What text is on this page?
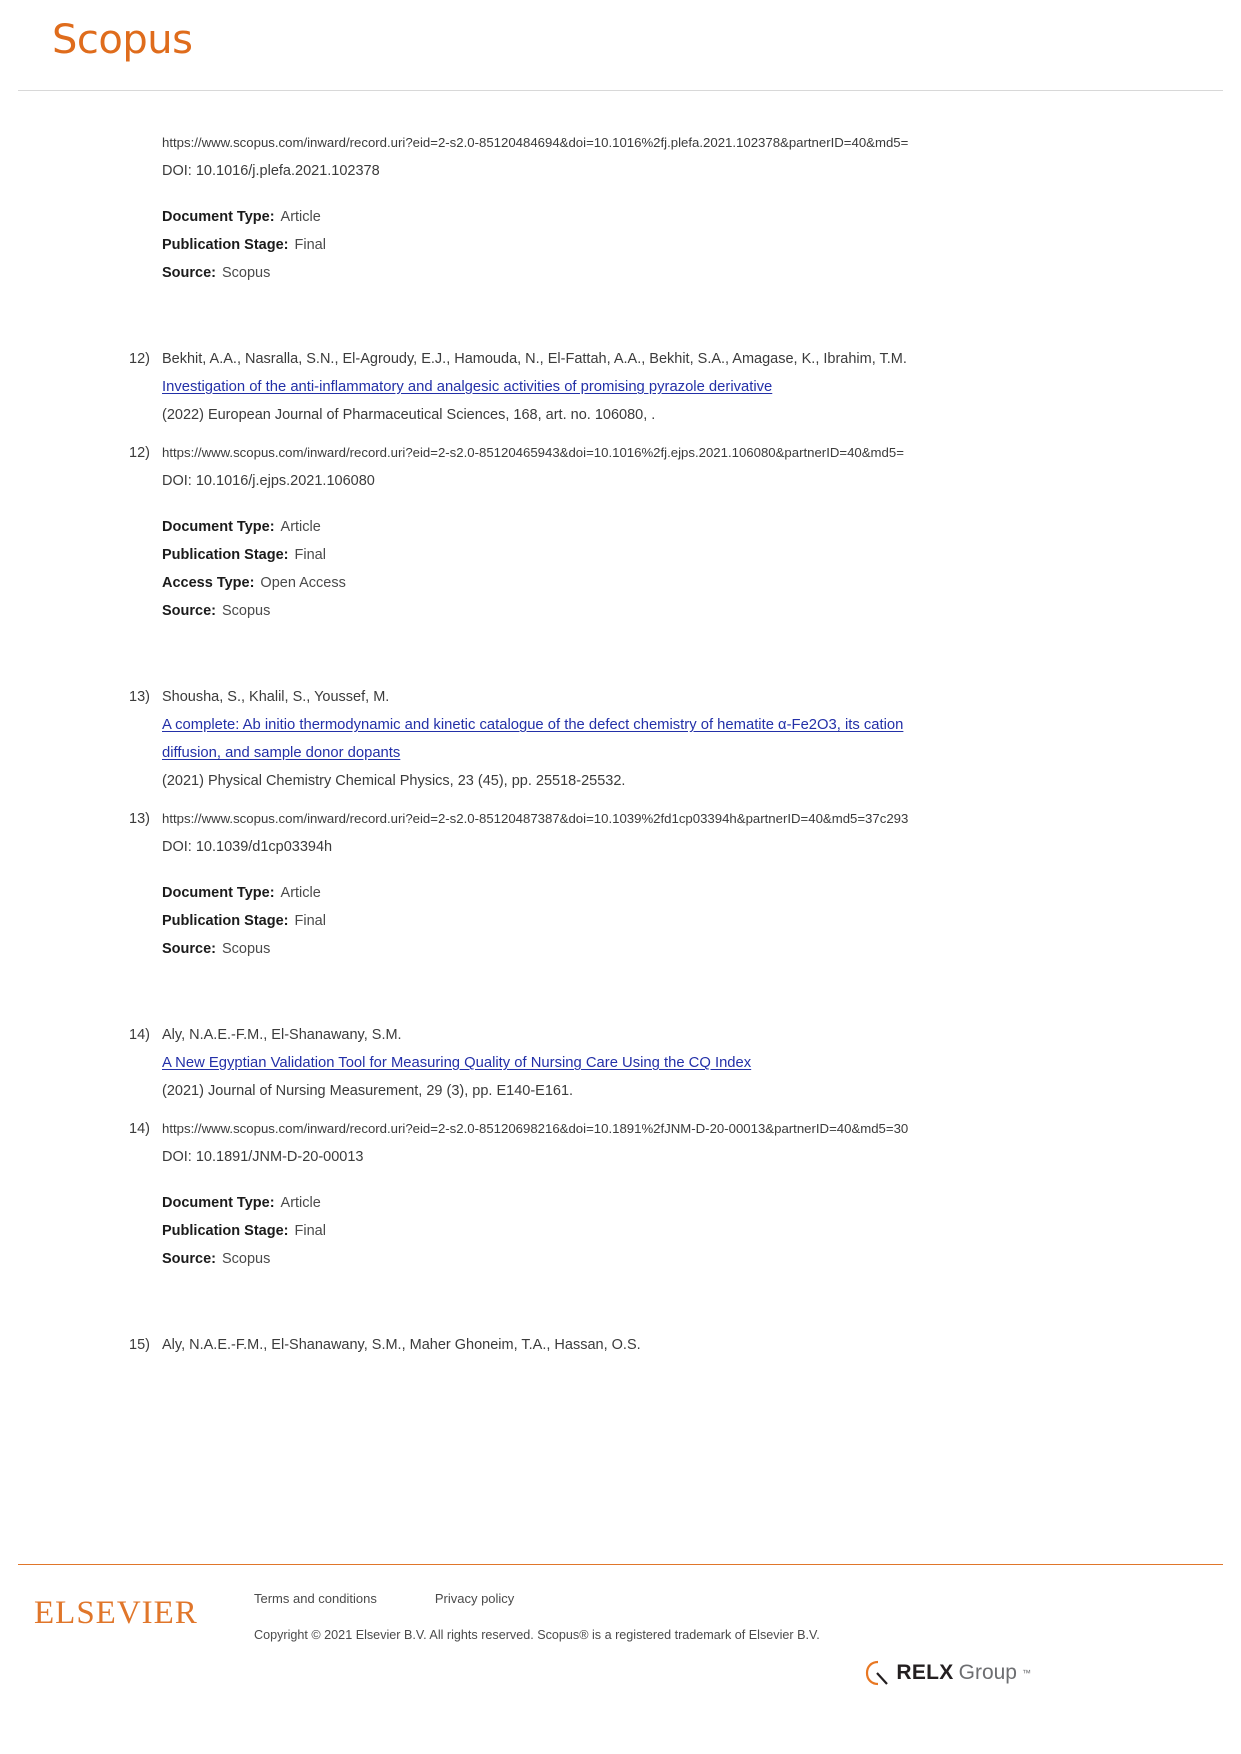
Scopus
https://www.scopus.com/inward/record.uri?eid=2-s2.0-85120484694&doi=10.1016%2fj.plefa.2021.102378&partnerID=40&md5=
DOI: 10.1016/j.plefa.2021.102378
Document Type: Article
Publication Stage: Final
Source: Scopus
12) Bekhit, A.A., Nasralla, S.N., El-Agroudy, E.J., Hamouda, N., El-Fattah, A.A., Bekhit, S.A., Amagase, K., Ibrahim, T.M.
Investigation of the anti-inflammatory and analgesic activities of promising pyrazole derivative
(2022) European Journal of Pharmaceutical Sciences, 168, art. no. 106080, .
12) https://www.scopus.com/inward/record.uri?eid=2-s2.0-85120465943&doi=10.1016%2fj.ejps.2021.106080&partnerID=40&md5=
DOI: 10.1016/j.ejps.2021.106080
Document Type: Article
Publication Stage: Final
Access Type: Open Access
Source: Scopus
13) Shousha, S., Khalil, S., Youssef, M.
A complete: Ab initio thermodynamic and kinetic catalogue of the defect chemistry of hematite α-Fe2O3, its cation diffusion, and sample donor dopants
(2021) Physical Chemistry Chemical Physics, 23 (45), pp. 25518-25532.
13) https://www.scopus.com/inward/record.uri?eid=2-s2.0-85120487387&doi=10.1039%2fd1cp03394h&partnerID=40&md5=37c293
DOI: 10.1039/d1cp03394h
Document Type: Article
Publication Stage: Final
Source: Scopus
14) Aly, N.A.E.-F.M., El-Shanawany, S.M.
A New Egyptian Validation Tool for Measuring Quality of Nursing Care Using the CQ Index
(2021) Journal of Nursing Measurement, 29 (3), pp. E140-E161.
14) https://www.scopus.com/inward/record.uri?eid=2-s2.0-85120698216&doi=10.1891%2fJNM-D-20-00013&partnerID=40&md5=30
DOI: 10.1891/JNM-D-20-00013
Document Type: Article
Publication Stage: Final
Source: Scopus
15) Aly, N.A.E.-F.M., El-Shanawany, S.M., Maher Ghoneim, T.A., Hassan, O.S.
ELSEVIER	Terms and conditions	Privacy policy
Copyright © 2021 Elsevier B.V. All rights reserved. Scopus® is a registered trademark of Elsevier B.V.
RELX Group ™
